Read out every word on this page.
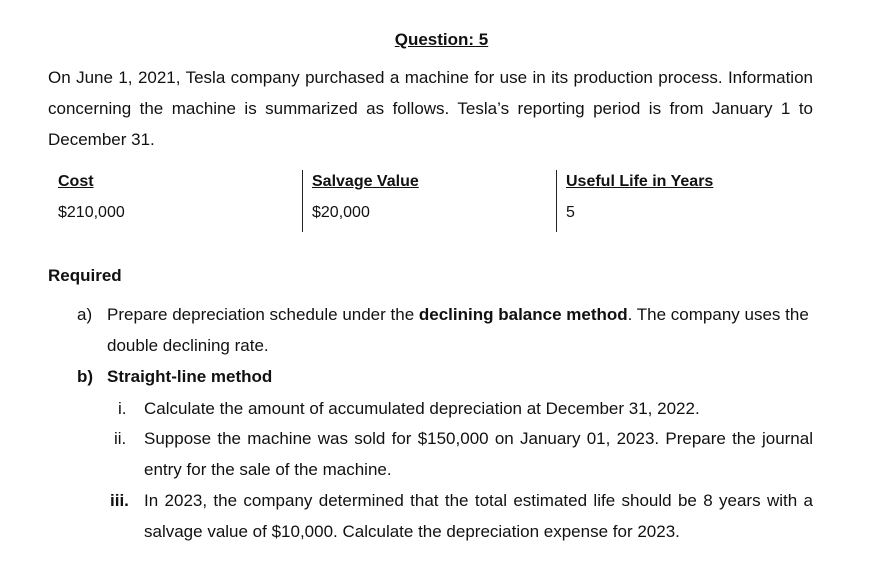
Question: 5
On June 1, 2021, Tesla company purchased a machine for use in its production process. Information concerning the machine is summarized as follows. Tesla’s reporting period is from January 1 to December 31.
Cost
$210,000
Salvage Value
$20,000
Useful Life in Years
5
Required
a) Prepare depreciation schedule under the declining balance method. The company uses the double declining rate.
b) Straight-line method
i. Calculate the amount of accumulated depreciation at December 31, 2022.
ii. Suppose the machine was sold for $150,000 on January 01, 2023. Prepare the journal entry for the sale of the machine.
iii. In 2023, the company determined that the total estimated life should be 8 years with a salvage value of $10,000. Calculate the depreciation expense for 2023.
